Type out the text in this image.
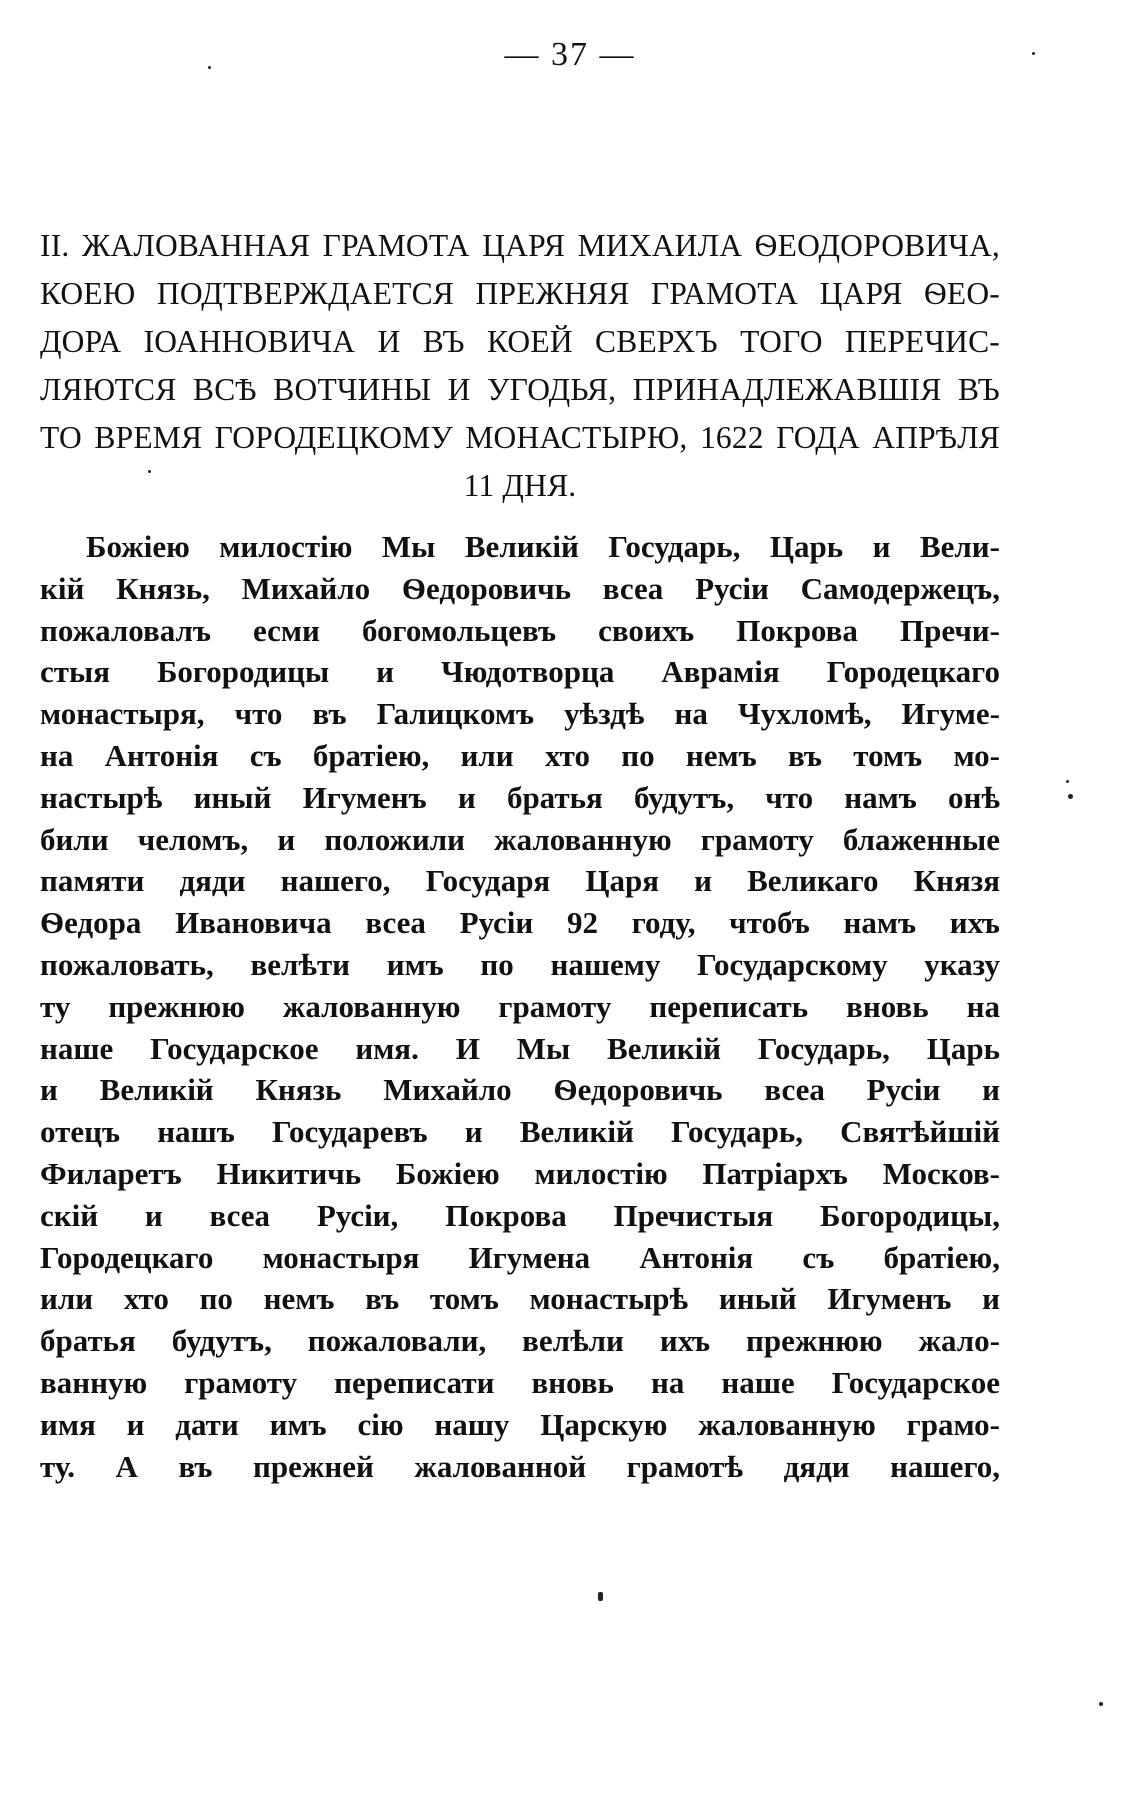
— 37 —
II. ЖАЛОВАННАЯ ГРАМОТА ЦАРЯ МИХАИЛА ѲЕОДОРОВИЧА,
КОЕЮ ПОДТВЕРЖДАЕТСЯ ПРЕЖНЯЯ ГРАМОТА ЦАРЯ ѲЕО-
ДОРА ІОАННОВИЧА И ВЪ КОЕЙ СВЕРХЪ ТОГО ПЕРЕЧИС-
ЛЯЮТСЯ ВСѢ ВОТЧИНЫ И УГОДЬЯ, ПРИНАДЛЕЖАВШІЯ ВЪ
ТО ВРЕМЯ ГОРОДЕЦКОМУ МОНАСТЫРЮ, 1622 ГОДА АПРѢЛЯ
11 ДНЯ.
Божіею милостію Мы Великій Государь, Царь и Вели-
кій Князь, Михайло Ѳедоровичь всеа Русіи Самодержецъ,
пожаловалъ есми богомольцевъ своихъ Покрова Пречи-
стыя Богородицы и Чюдотворца Аврамія Городецкаго
монастыря, что въ Галицкомъ уѣздѣ на Чухломѣ, Игуме-
на Антонія съ братіею, или хто по немъ въ томъ мо-
настырѣ иный Игуменъ и братья будутъ, что намъ онѣ
били челомъ, и положили жалованную грамоту блаженные
памяти дяди нашего, Государя Царя и Великаго Князя
Ѳедора Ивановича всеа Русіи 92 году, чтобъ намъ ихъ
пожаловать, велѣти имъ по нашему Государскому указу
ту прежнюю жалованную грамоту переписать вновь на
наше Государское имя. И Мы Великій Государь, Царь
и Великій Князь Михайло Ѳедоровичь всеа Русіи и
отецъ нашъ Государевъ и Великій Государь, Святѣйшій
Филаретъ Никитичь Божіею милостію Патріархъ Москов-
скій и всеа Русіи, Покрова Пречистыя Богородицы,
Городецкаго монастыря Игумена Антонія съ братіею,
или хто по немъ въ томъ монастырѣ иный Игуменъ и
братья будутъ, пожаловали, велѣли ихъ прежнюю жало-
ванную грамоту переписати вновь на наше Государское
имя и дати имъ сію нашу Царскую жалованную грамо-
ту. А въ прежней жалованной грамотѣ дяди нашего,
